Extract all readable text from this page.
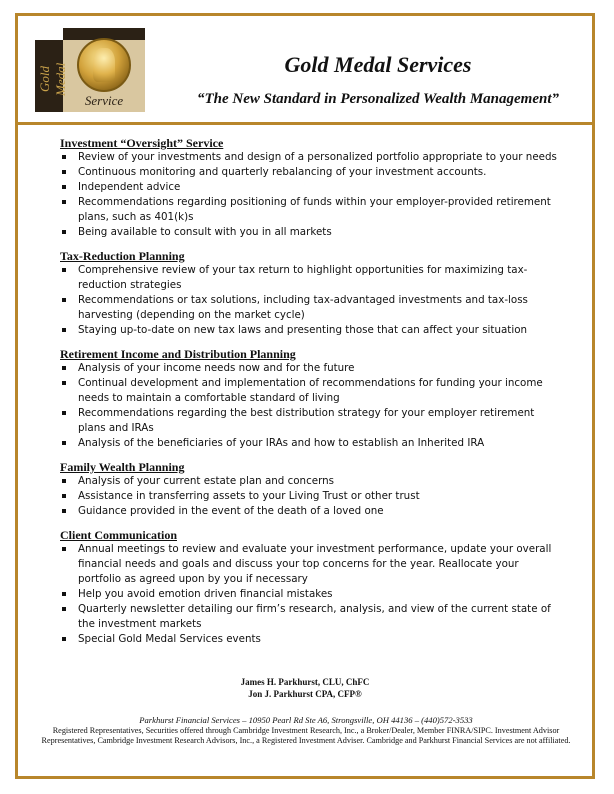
Gold Medal
Service
Gold Medal Services
“The New Standard in Personalized Wealth Management”
Investment “Oversight” Service
Review of your investments and design of a personalized portfolio appropriate to your needs
Continuous monitoring and quarterly rebalancing of your investment accounts.
Independent advice
Recommendations regarding positioning of funds within your employer-provided retirement plans, such as 401(k)s
Being available to consult with you in all markets
Tax-Reduction Planning
Comprehensive review of your tax return to highlight opportunities for maximizing tax-reduction strategies
Recommendations or tax solutions, including tax-advantaged investments and tax-loss harvesting (depending on the market cycle)
Staying up-to-date on new tax laws and presenting those that can affect your situation
Retirement Income and Distribution Planning
Analysis of your income needs now and for the future
Continual development and implementation of recommendations for funding your income needs to maintain a comfortable standard of living
Recommendations regarding the best distribution strategy for your employer retirement plans and IRAs
Analysis of the beneficiaries of your IRAs and how to establish an Inherited IRA
Family Wealth Planning
Analysis of your current estate plan and concerns
Assistance in transferring assets to your Living Trust or other trust
Guidance provided in the event of the death of a loved one
Client Communication
Annual meetings to review and evaluate your investment performance, update your overall financial needs and goals and discuss your top concerns for the year. Reallocate your portfolio as agreed upon by you if necessary
Help you avoid emotion driven financial mistakes
Quarterly newsletter detailing our firm’s research, analysis, and view of the current state of the investment markets
Special Gold Medal Services events
James H. Parkhurst, CLU, ChFC
Jon J. Parkhurst CPA, CFP®
Parkhurst Financial Services – 10950 Pearl Rd Ste A6, Strongsville, OH 44136 – (440)572-3533
Registered Representatives, Securities offered through Cambridge Investment Research, Inc., a Broker/Dealer, Member FINRA/SIPC. Investment Advisor Representatives, Cambridge Investment Research Advisors, Inc., a Registered Investment Adviser. Cambridge and Parkhurst Financial Services are not affiliated.
